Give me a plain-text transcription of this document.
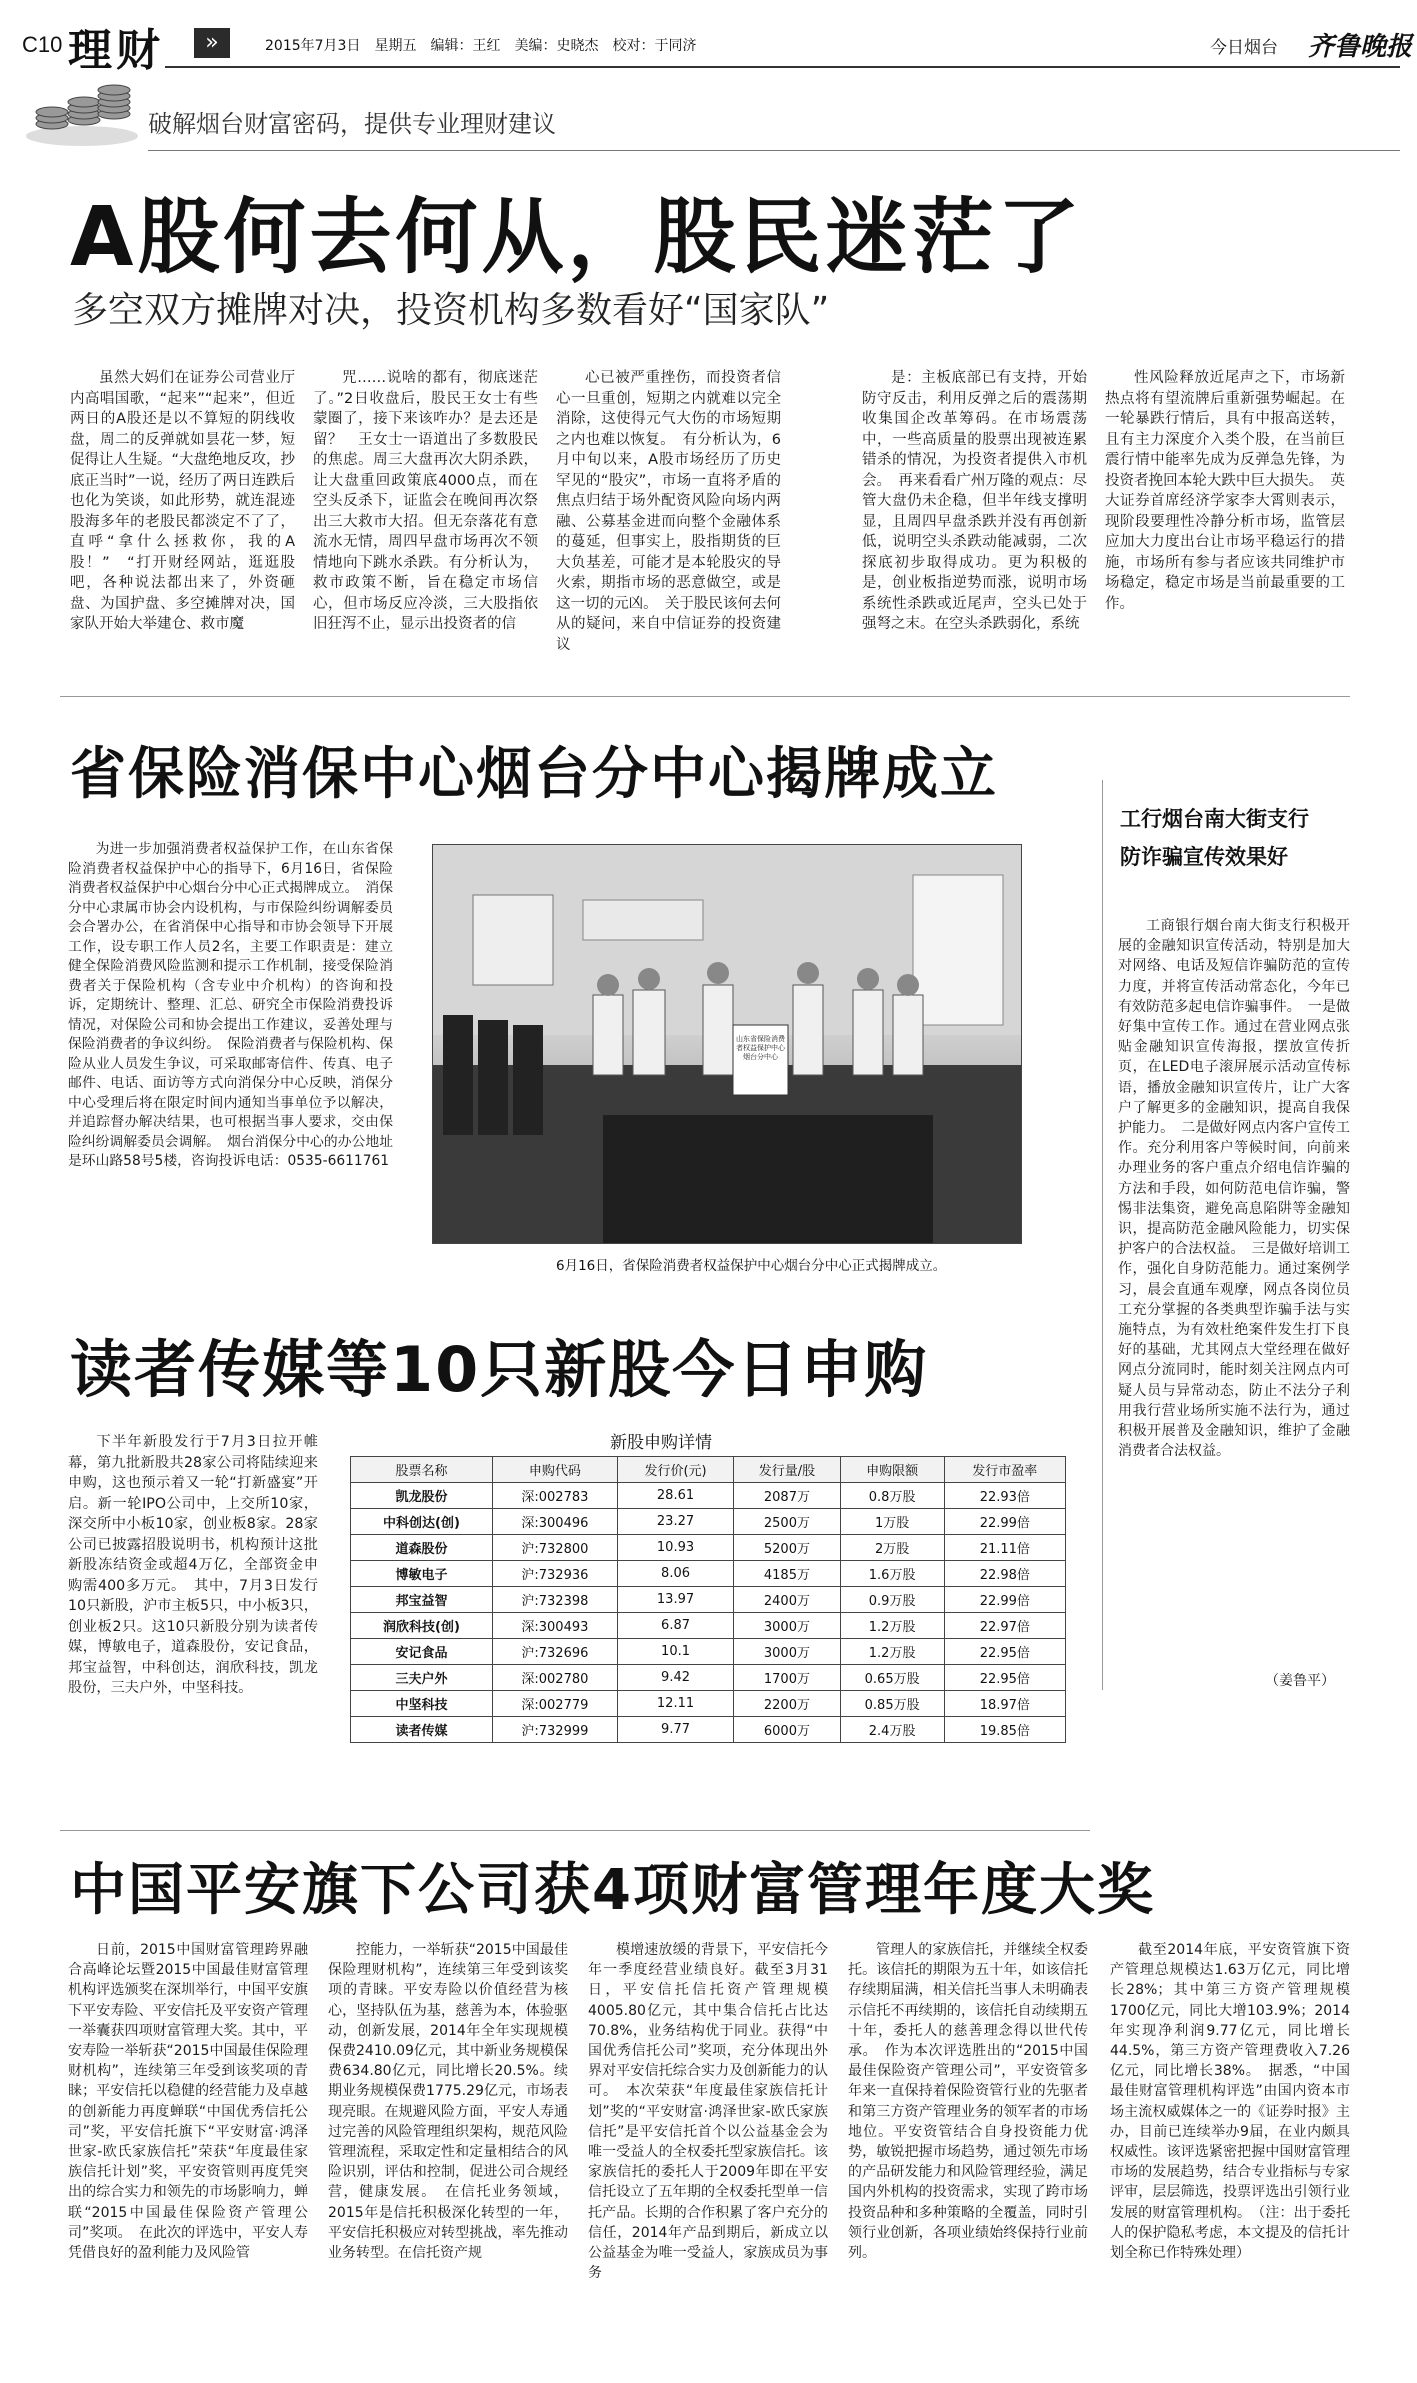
C10 理财	»	2015年7月3日　星期五　编辑：王红　美编：史晓杰　校对：于同济	今日烟台 齐鲁晚报
破解烟台财富密码，提供专业理财建议
A股何去何从，股民迷茫了
多空双方摊牌对决，投资机构多数看好“国家队”

虽然大妈们在证券公司营业厅内高唱国歌，“起来”“起来”，但近两日的A股还是以不算短的阴线收盘，周二的反弹就如昙花一梦，短促得让人生疑。“大盘绝地反攻，抄底正当时”一说，经历了两日连跌后也化为笑谈，如此形势，就连混迹股海多年的老股民都淡定不了了，直呼“拿什么拯救你，我的A股！”　“打开财经网站，逛逛股吧，各种说法都出来了，外资砸盘、为国护盘、多空摊牌对决，国家队开始大举建仓、救市魔

咒……说啥的都有，彻底迷茫了。”2日收盘后，股民王女士有些蒙圈了，接下来该咋办？是去还是留？　王女士一语道出了多数股民的焦虑。周三大盘再次大阴杀跌，让大盘重回政策底4000点，而在空头反杀下，证监会在晚间再次祭出三大救市大招。但无奈落花有意流水无情，周四早盘市场再次不领情地向下跳水杀跌。有分析认为，救市政策不断，旨在稳定市场信心，但市场反应冷淡，三大股指依旧狂泻不止，显示出投资者的信

心已被严重挫伤，而投资者信心一旦重创，短期之内就难以完全消除，这使得元气大伤的市场短期之内也难以恢复。　有分析认为，6月中旬以来，A股市场经历了历史罕见的“股灾”，市场一直将矛盾的焦点归结于场外配资风险向场内两融、公募基金进而向整个金融体系的蔓延，但事实上，股指期货的巨大负基差，可能才是本轮股灾的导火索，期指市场的恶意做空，或是这一切的元凶。　关于股民该何去何从的疑问，来自中信证券的投资建议

是：主板底部已有支持，开始防守反击，利用反弹之后的震荡期收集国企改革筹码。在市场震荡中，一些高质量的股票出现被连累错杀的情况，为投资者提供入市机会。　再来看看广州万隆的观点：尽管大盘仍未企稳，但半年线支撑明显，且周四早盘杀跌并没有再创新低，说明空头杀跌动能减弱，二次探底初步取得成功。更为积极的是，创业板指逆势而涨，说明市场系统性杀跌或近尾声，空头已处于强弩之末。在空头杀跌弱化，系统

性风险释放近尾声之下，市场新热点将有望流牌后重新强势崛起。在一轮暴跌行情后，具有中报高送转，且有主力深度介入类个股，在当前巨震行情中能率先成为反弹急先锋，为投资者挽回本轮大跌中巨大损失。　英大证券首席经济学家李大霄则表示，现阶段要理性冷静分析市场，监管层应加大力度出台让市场平稳运行的措施，市场所有参与者应该共同维护市场稳定，稳定市场是当前最重要的工作。

省保险消保中心烟台分中心揭牌成立

为进一步加强消费者权益保护工作，在山东省保险消费者权益保护中心的指导下，6月16日，省保险消费者权益保护中心烟台分中心正式揭牌成立。　消保分中心隶属市协会内设机构，与市保险纠纷调解委员会合署办公，在省消保中心指导和市协会领导下开展工作，设专职工作人员2名，主要工作职责是：建立健全保险消费风险监测和提示工作机制，接受保险消费者关于保险机构（含专业中介机构）的咨询和投诉，定期统计、整理、汇总、研究全市保险消费投诉情况，对保险公司和协会提出工作建议，妥善处理与保险消费者的争议纠纷。　保险消费者与保险机构、保险从业人员发生争议，可采取邮寄信件、传真、电子邮件、电话、面访等方式向消保分中心反映，消保分中心受理后将在限定时间内通知当事单位予以解决，并追踪督办解决结果，也可根据当事人要求，交由保险纠纷调解委员会调解。　烟台消保分中心的办公地址是环山路58号5楼，咨询投诉电话：0535-6611761

山东省保险消费者权益保护中心 烟台分中心
6月16日，省保险消费者权益保护中心烟台分中心正式揭牌成立。
工行烟台南大街支行
防诈骗宣传效果好

工商银行烟台南大街支行积极开展的金融知识宣传活动，特别是加大对网络、电话及短信诈骗防范的宣传力度，并将宣传活动常态化，今年已有效防范多起电信诈骗事件。　一是做好集中宣传工作。通过在营业网点张贴金融知识宣传海报，摆放宣传折页，在LED电子滚屏展示活动宣传标语，播放金融知识宣传片，让广大客户了解更多的金融知识，提高自我保护能力。　二是做好网点内客户宣传工作。充分利用客户等候时间，向前来办理业务的客户重点介绍电信诈骗的方法和手段，如何防范电信诈骗，警惕非法集资，避免高息陷阱等金融知识，提高防范金融风险能力，切实保护客户的合法权益。　三是做好培训工作，强化自身防范能力。通过案例学习，晨会直通车观摩，网点各岗位员工充分掌握的各类典型诈骗手法与实施特点，为有效杜绝案件发生打下良好的基础，尤其网点大堂经理在做好网点分流同时，能时刻关注网点内可疑人员与异常动态，防止不法分子利用我行营业场所实施不法行为，通过积极开展普及金融知识，维护了金融消费者合法权益。

（姜鲁平）
读者传媒等10只新股今日申购

下半年新股发行于7月3日拉开帷幕，第九批新股共28家公司将陆续迎来申购，这也预示着又一轮“打新盛宴”开启。新一轮IPO公司中，上交所10家，深交所中小板10家，创业板8家。28家公司已披露招股说明书，机构预计这批新股冻结资金或超4万亿，全部资金申购需400多万元。　其中，7月3日发行10只新股，沪市主板5只，中小板3只，创业板2只。这10只新股分别为读者传媒，博敏电子，道森股份，安记食品，邦宝益智，中科创达，润欣科技，凯龙股份，三夫户外，中坚科技。

新股申购详情
股票名称	申购代码	发行价(元)	发行量/股	申购限额	发行市盈率
凯龙股份	深:002783	28.61	2087万	0.8万股	22.93倍
中科创达(创)	深:300496	23.27	2500万	1万股	22.99倍
道森股份	沪:732800	10.93	5200万	2万股	21.11倍
博敏电子	沪:732936	8.06	4185万	1.6万股	22.98倍
邦宝益智	沪:732398	13.97	2400万	0.9万股	22.99倍
润欣科技(创)	深:300493	6.87	3000万	1.2万股	22.97倍
安记食品	沪:732696	10.1	3000万	1.2万股	22.95倍
三夫户外	深:002780	9.42	1700万	0.65万股	22.95倍
中坚科技	深:002779	12.11	2200万	0.85万股	18.97倍
读者传媒	沪:732999	9.77	6000万	2.4万股	19.85倍
中国平安旗下公司获4项财富管理年度大奖

日前，2015中国财富管理跨界融合高峰论坛暨2015中国最佳财富管理机构评选颁奖在深圳举行，中国平安旗下平安寿险、平安信托及平安资产管理一举囊获四项财富管理大奖。其中，平安寿险一举斩获“2015中国最佳保险理财机构”，连续第三年受到该奖项的青睐；平安信托以稳健的经营能力及卓越的创新能力再度蝉联“中国优秀信托公司”奖，平安信托旗下“平安财富·鸿泽世家-欧氏家族信托”荣获“年度最佳家族信托计划”奖，平安资管则再度凭突出的综合实力和领先的市场影响力，蝉联“2015中国最佳保险资产管理公司”奖项。　在此次的评选中，平安人寿凭借良好的盈利能力及风险管

控能力，一举斩获“2015中国最佳保险理财机构”，连续第三年受到该奖项的青睐。平安寿险以价值经营为核心，坚持队伍为基，慈善为本，体验驱动，创新发展，2014年全年实现规模保费2410.09亿元，其中新业务规模保费634.80亿元，同比增长20.5%。续期业务规模保费1775.29亿元，市场表现亮眼。在规避风险方面，平安人寿通过完善的风险管理组织架构，规范风险管理流程，采取定性和定量相结合的风险识别，评估和控制，促进公司合规经营，健康发展。　在信托业务领域，2015年是信托积极深化转型的一年，平安信托积极应对转型挑战，率先推动业务转型。在信托资产规

模增速放缓的背景下，平安信托今年一季度经营业绩良好。截至3月31日，平安信托信托资产管理规模4005.80亿元，其中集合信托占比达70.8%，业务结构优于同业。获得“中国优秀信托公司”奖项，充分体现出外界对平安信托综合实力及创新能力的认可。　本次荣获“年度最佳家族信托计划”奖的“平安财富·鸿泽世家-欧氏家族信托”是平安信托首个以公益基金会为唯一受益人的全权委托型家族信托。该家族信托的委托人于2009年即在平安信托设立了五年期的全权委托型单一信托产品。长期的合作积累了客户充分的信任，2014年产品到期后，新成立以公益基金为唯一受益人，家族成员为事务

管理人的家族信托，并继续全权委托。该信托的期限为五十年，如该信托存续期届满，相关信托当事人未明确表示信托不再续期的，该信托自动续期五十年，委托人的慈善理念得以世代传承。　作为本次评选胜出的“2015中国最佳保险资产管理公司”，平安资管多年来一直保持着保险资管行业的先驱者和第三方资产管理业务的领军者的市场地位。平安资管结合自身投资能力优势，敏锐把握市场趋势，通过领先市场的产品研发能力和风险管理经验，满足国内外机构的投资需求，实现了跨市场投资品种和多种策略的全覆盖，同时引领行业创新，各项业绩始终保持行业前列。

截至2014年底，平安资管旗下资产管理总规模达1.63万亿元，同比增长28%；其中第三方资产管理规模1700亿元，同比大增103.9%；2014年实现净利润9.77亿元，同比增长44.5%，第三方资产管理费收入7.26亿元，同比增长38%。　据悉，“中国最佳财富管理机构评选”由国内资本市场主流权威媒体之一的《证券时报》主办，目前已连续举办9届，在业内颇具权威性。该评选紧密把握中国财富管理市场的发展趋势，结合专业指标与专家评审，层层筛选，投票评选出引领行业发展的财富管理机构。　（注：出于委托人的保护隐私考虑，本文提及的信托计划全称已作特殊处理）
